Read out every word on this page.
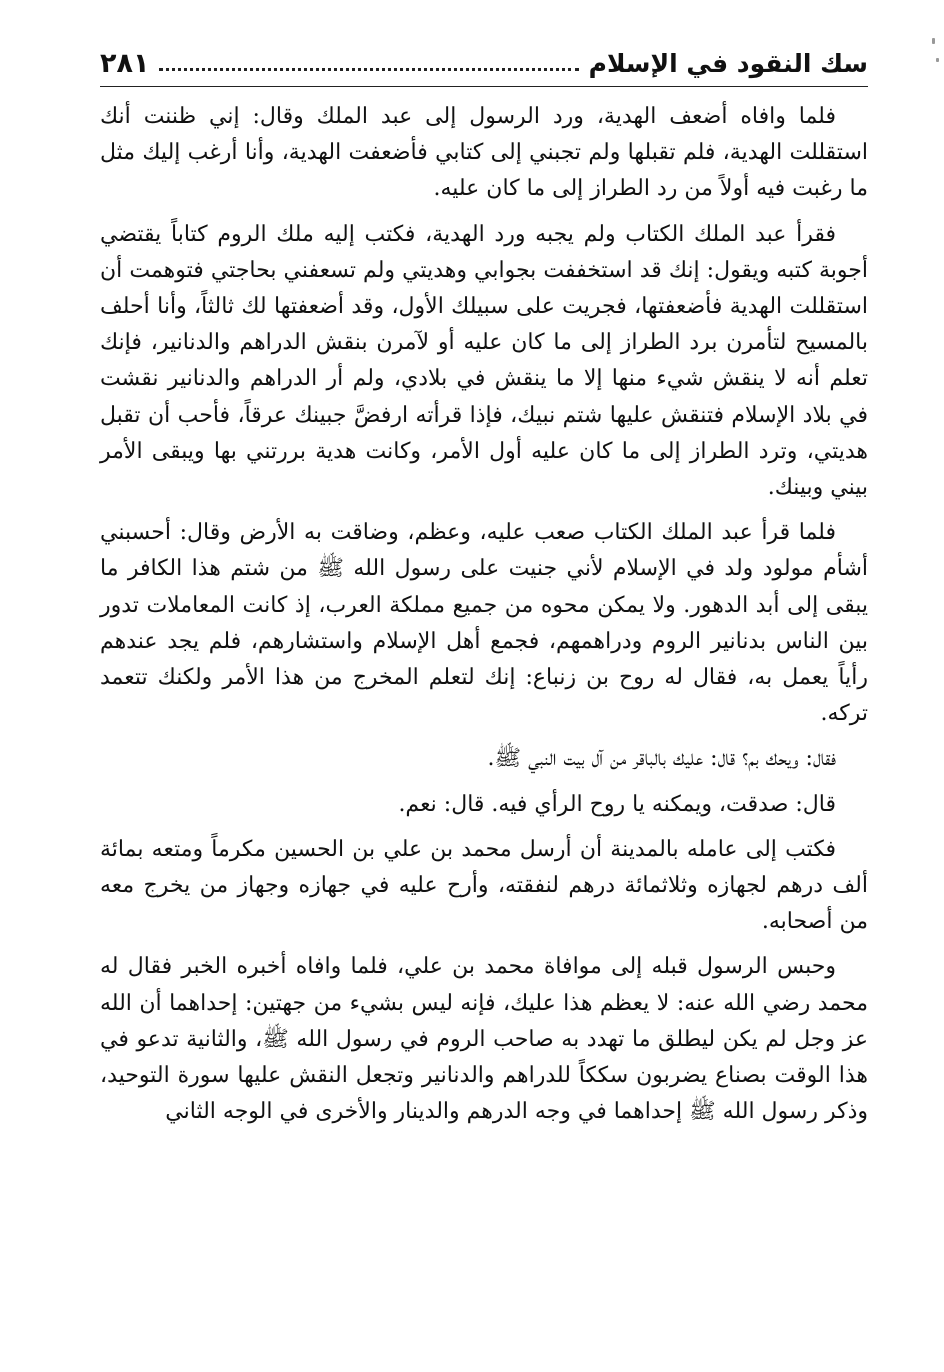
سك النقود في الإسلام
٢٨١

فلما وافاه أضعف الهدية، ورد الرسول إلى عبد الملك وقال: إني ظننت أنك استقللت الهدية، فلم تقبلها ولم تجبني إلى كتابي فأضعفت الهدية، وأنا أرغب إليك مثل ما رغبت فيه أولاً من رد الطراز إلى ما كان عليه.

فقرأ عبد الملك الكتاب ولم يجبه ورد الهدية، فكتب إليه ملك الروم كتاباً يقتضي أجوبة كتبه ويقول: إنك قد استخففت بجوابي وهديتي ولم تسعفني بحاجتي فتوهمت أن استقللت الهدية فأضعفتها، فجريت على سبيلك الأول، وقد أضعفتها لك ثالثاً، وأنا أحلف بالمسيح لتأمرن برد الطراز إلى ما كان عليه أو لآمرن بنقش الدراهم والدنانير، فإنك تعلم أنه لا ينقش شيء منها إلا ما ينقش في بلادي، ولم أر الدراهم والدنانير نقشت في بلاد الإسلام فتنقش عليها شتم نبيك، فإذا قرأته ارفضَّ جبينك عرقاً، فأحب أن تقبل هديتي، وترد الطراز إلى ما كان عليه أول الأمر، وكانت هدية بررتني بها ويبقى الأمر بيني وبينك.

فلما قرأ عبد الملك الكتاب صعب عليه، وعظم، وضاقت به الأرض وقال: أحسبني أشأم مولود ولد في الإسلام لأني جنيت على رسول الله ﷺ من شتم هذا الكافر ما يبقى إلى أبد الدهور. ولا يمكن محوه من جميع مملكة العرب، إذ كانت المعاملات تدور بين الناس بدنانير الروم ودراهمهم، فجمع أهل الإسلام واستشارهم، فلم يجد عندهم رأياً يعمل به، فقال له روح بن زنباع: إنك لتعلم المخرج من هذا الأمر ولكنك تتعمد تركه.

فقال: ويحك بم؟ قال: عليك بالباقر من آل بيت النبي ﷺ.

قال: صدقت، ويمكنه يا روح الرأي فيه. قال: نعم.

فكتب إلى عامله بالمدينة أن أرسل محمد بن علي بن الحسين مكرماً ومتعه بمائة ألف درهم لجهازه وثلاثمائة درهم لنفقته، وأرح عليه في جهازه وجهاز من يخرج معه من أصحابه.

وحبس الرسول قبله إلى موافاة محمد بن علي، فلما وافاه أخبره الخبر فقال له محمد رضي الله عنه: لا يعظم هذا عليك، فإنه ليس بشيء من جهتين: إحداهما أن الله عز وجل لم يكن ليطلق ما تهدد به صاحب الروم في رسول الله ﷺ، والثانية تدعو في هذا الوقت بصناع يضربون سككاً للدراهم والدنانير وتجعل النقش عليها سورة التوحيد، وذكر رسول الله ﷺ إحداهما في وجه الدرهم والدينار والأخرى في الوجه الثاني
